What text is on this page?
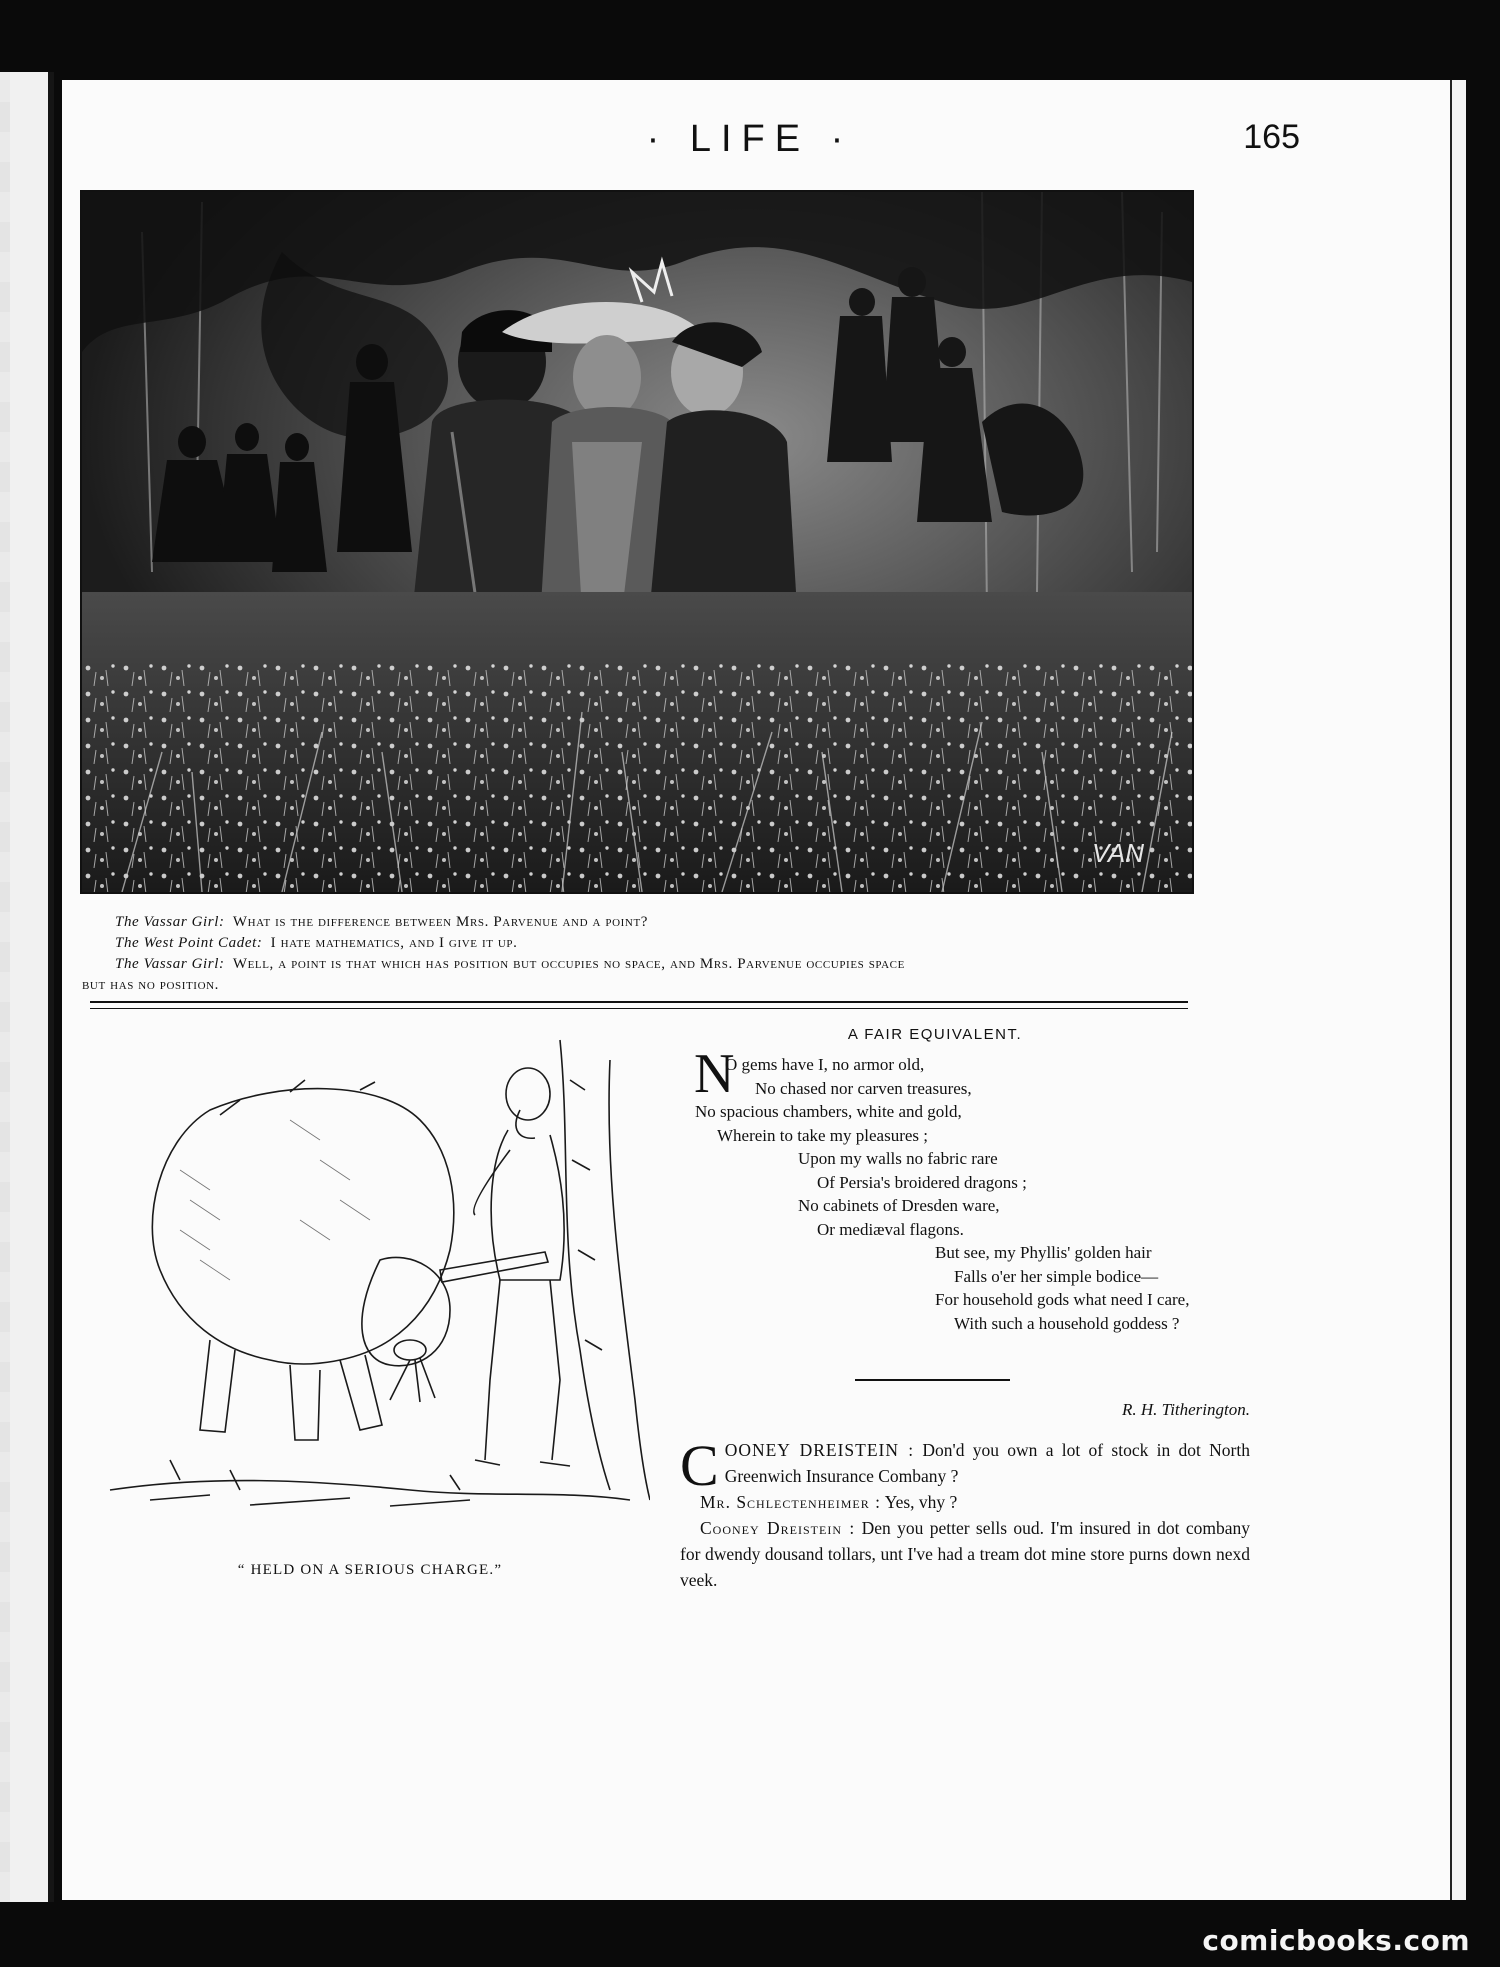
· LIFE ·	165
VAN
The Vassar Girl: What is the difference between Mrs. Parvenue and a point?
The West Point Cadet: I hate mathematics, and I give it up.
The Vassar Girl: Well, a point is that which has position but occupies no space, and Mrs. Parvenue occupies space
but has no position.
“ HELD ON A SERIOUS CHARGE.”
A FAIR EQUIVALENT.
N
O gems have I, no armor old,
No chased nor carven treasures,
No spacious chambers, white and gold,
Wherein to take my pleasures ;
Upon my walls no fabric rare
Of Persia's broidered dragons ;
No cabinets of Dresden ware,
Or mediæval flagons.
But see, my Phyllis' golden hair
Falls o'er her simple bodice—
For household gods what need I care,
With such a household goddess ?
R. H. Titherington.

C OONEY DREISTEIN : Don'd you own a lot of stock in dot North Greenwich Insurance Combany ?

Mr. Schlectenheimer : Yes, vhy ?

Cooney Dreistein : Den you petter sells oud. I'm insured in dot combany for dwendy dousand tollars, unt I've had a tream dot mine store purns down nexd veek.

comicbooks.com
